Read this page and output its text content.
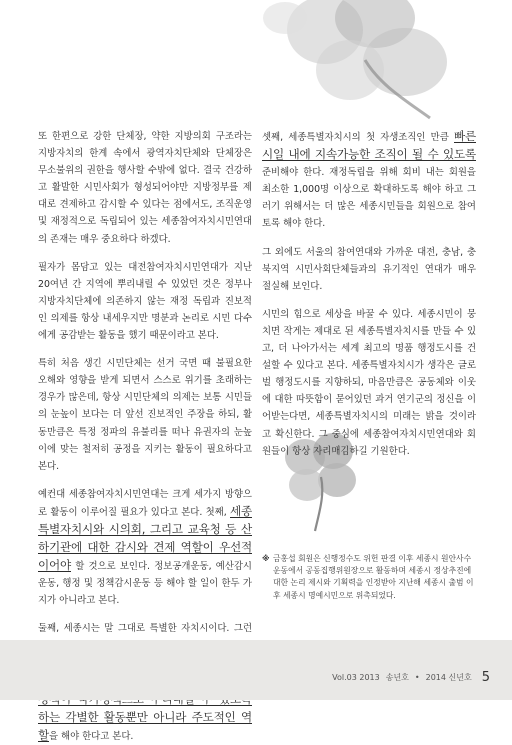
또 한편으로 강한 단체장, 약한 지방의회 구조라는 지방자치의 한계 속에서 광역자치단체와 단체장은 무소불위의 권한을 행사할 수밖에 없다. 결국 건강하고 활발한 시민사회가 형성되어야만 지방정부를 제대로 견제하고 감시할 수 있다는 점에서도, 조직운영 및 재정적으로 독립되어 있는 세종참여자치시민연대의 존재는 매우 중요하다 하겠다.

필자가 몸담고 있는 대전참여자치시민연대가 지난 20여년 간 지역에 뿌리내릴 수 있었던 것은 정부나 지방자치단체에 의존하지 않는 재정 독립과 진보적인 의제를 항상 내세우지만 명분과 논리로 시민 다수에게 공감받는 활동을 했기 때문이라고 본다.

특히 처음 생긴 시민단체는 선거 국면 때 불필요한 오해와 영향을 받게 되면서 스스로 위기를 초래하는 경우가 많은데, 항상 시민단체의 의제는 보통 시민들의 눈높이 보다는 더 앞선 진보적인 주장을 하되, 활동만큼은 특정 정파의 유불리를 떠나 유권자의 눈높이에 맞는 철저히 공정을 지키는 활동이 필요하다고 본다.

예컨대 세종참여자치시민연대는 크게 세가지 방향으로 활동이 이루어질 필요가 있다고 본다. 첫째, 세종특별자치시와 시의회, 그리고 교육청 등 산하기관에 대한 감시와 견제 역할이 우선적이어야 할 것으로 보인다. 정보공개운동, 예산감시운동, 행정 및 정책감시운동 등 해야 할 일이 한두 가지가 아니라고 본다.

둘째, 세종시는 말 그대로 특별한 자치시이다. 그런 하는 각별한 활동뿐만 아니라 주도적인 역할을 해야 한다고 본다.

셋째, 세종특별자치시의 첫 자생조직인 만큼 빠른 시일 내에 지속가능한 조직이 될 수 있도록 준비해야 한다. 재정독립을 위해 회비 내는 회원을 최소한 1,000명 이상으로 확대하도록 해야 하고 그러기 위해서는 더 많은 세종시민들을 회원으로 참여토록 해야 한다.

그 외에도 서울의 참여연대와 가까운 대전, 충남, 충북지역 시민사회단체들과의 유기적인 연대가 매우 절실해 보인다.

시민의 힘으로 세상을 바꿀 수 있다. 세종시민이 뭉치면 작게는 제대로 된 세종특별자치시를 만들 수 있고, 더 나아가서는 세계 최고의 명품 행정도시를 건설할 수 있다고 본다. 세종특별자치시가 생각은 글로벌 행정도시를 지향하되, 마음만큼은 공동체와 이웃에 대한 따뜻함이 묻어있던 과거 연기군의 정신을 이어받는다면, 세종특별자치시의 미래는 밝을 것이라고 확신한다. 그 중심에 세종참여자치시민연대와 회원들이 항상 자리매김하길 기원한다.

※ 금홍섭 회원은 신행정수도 위헌 판결 이후 세종시 원안사수 운동에서 공동집행위원장으로 활동하며 세종시 정상추진에 대한 논리 제시와 기획력을 인정받아 지난해 세종시 출범 이후 세종시 명예시민으로 위촉되었다.
Vol.03 2013 송년호 • 2014 신년호 5
